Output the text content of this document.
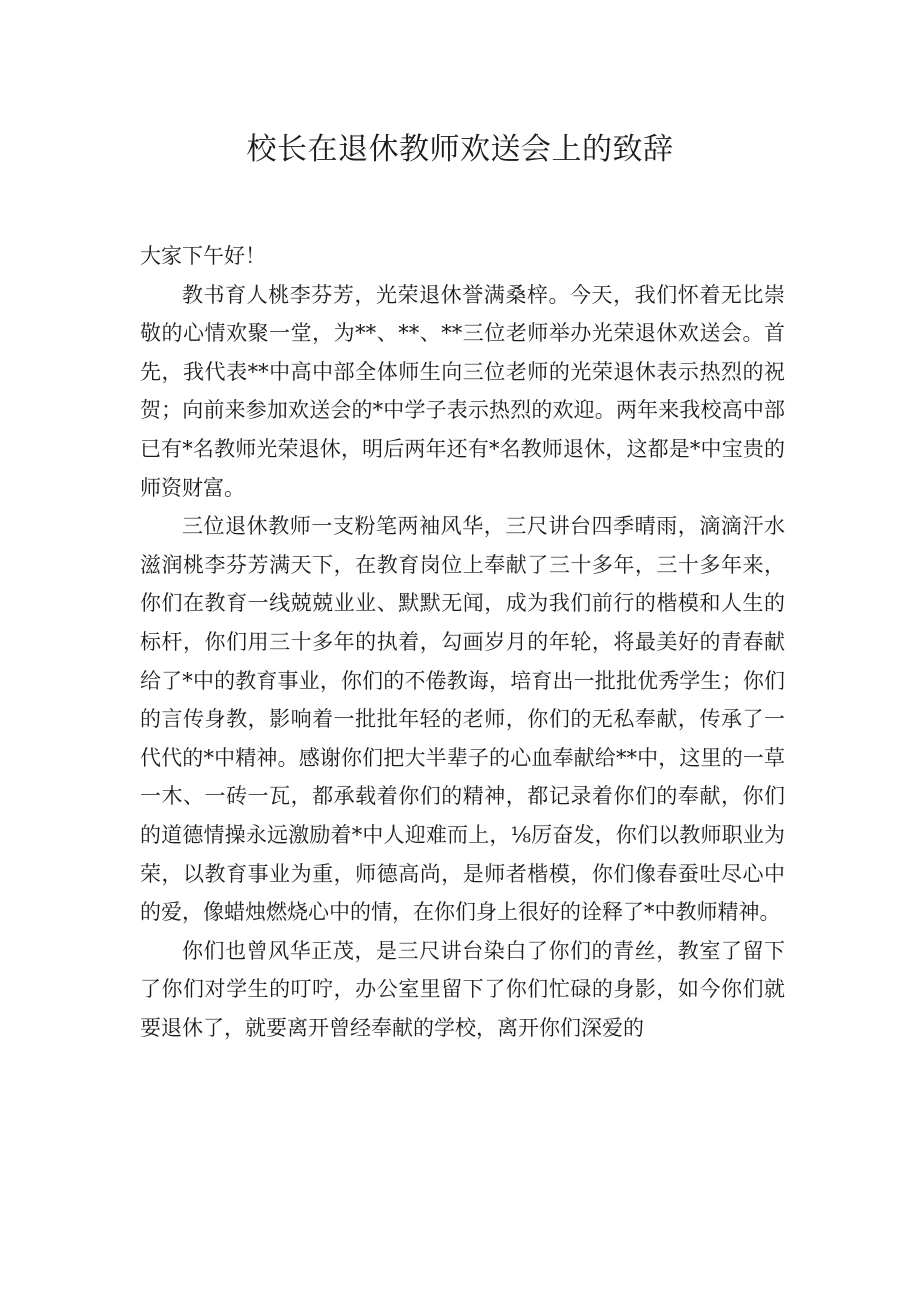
校长在退休教师欢送会上的致辞

大家下午好！

教书育人桃李芬芳，光荣退休誉满桑梓。今天，我们怀着无比崇敬的心情欢聚一堂，为**、**、**三位老师举办光荣退休欢送会。首先，我代表**中高中部全体师生向三位老师的光荣退休表示热烈的祝贺；向前来参加欢送会的*中学子表示热烈的欢迎。两年来我校高中部已有*名教师光荣退休，明后两年还有*名教师退休，这都是*中宝贵的师资财富。

三位退休教师一支粉笔两袖风华，三尺讲台四季晴雨，滴滴汗水滋润桃李芬芳满天下，在教育岗位上奉献了三十多年，三十多年来，你们在教育一线兢兢业业、默默无闻，成为我们前行的楷模和人生的标杆，你们用三十多年的执着，勾画岁月的年轮，将最美好的青春献给了*中的教育事业，你们的不倦教诲，培育出一批批优秀学生；你们的言传身教，影响着一批批年轻的老师，你们的无私奉献，传承了一代代的*中精神。感谢你们把大半辈子的心血奉献给**中，这里的一草一木、一砖一瓦，都承载着你们的精神，都记录着你们的奉献，你们的道德情操永远激励着*中人迎难而上，⅛厉奋发，你们以教师职业为荣，以教育事业为重，师德高尚，是师者楷模，你们像春蚕吐尽心中的爱，像蜡烛燃烧心中的情，在你们身上很好的诠释了*中教师精神。

你们也曾风华正茂，是三尺讲台染白了你们的青丝，教室了留下了你们对学生的叮咛，办公室里留下了你们忙碌的身影，如今你们就要退休了，就要离开曾经奉献的学校，离开你们深爱的
